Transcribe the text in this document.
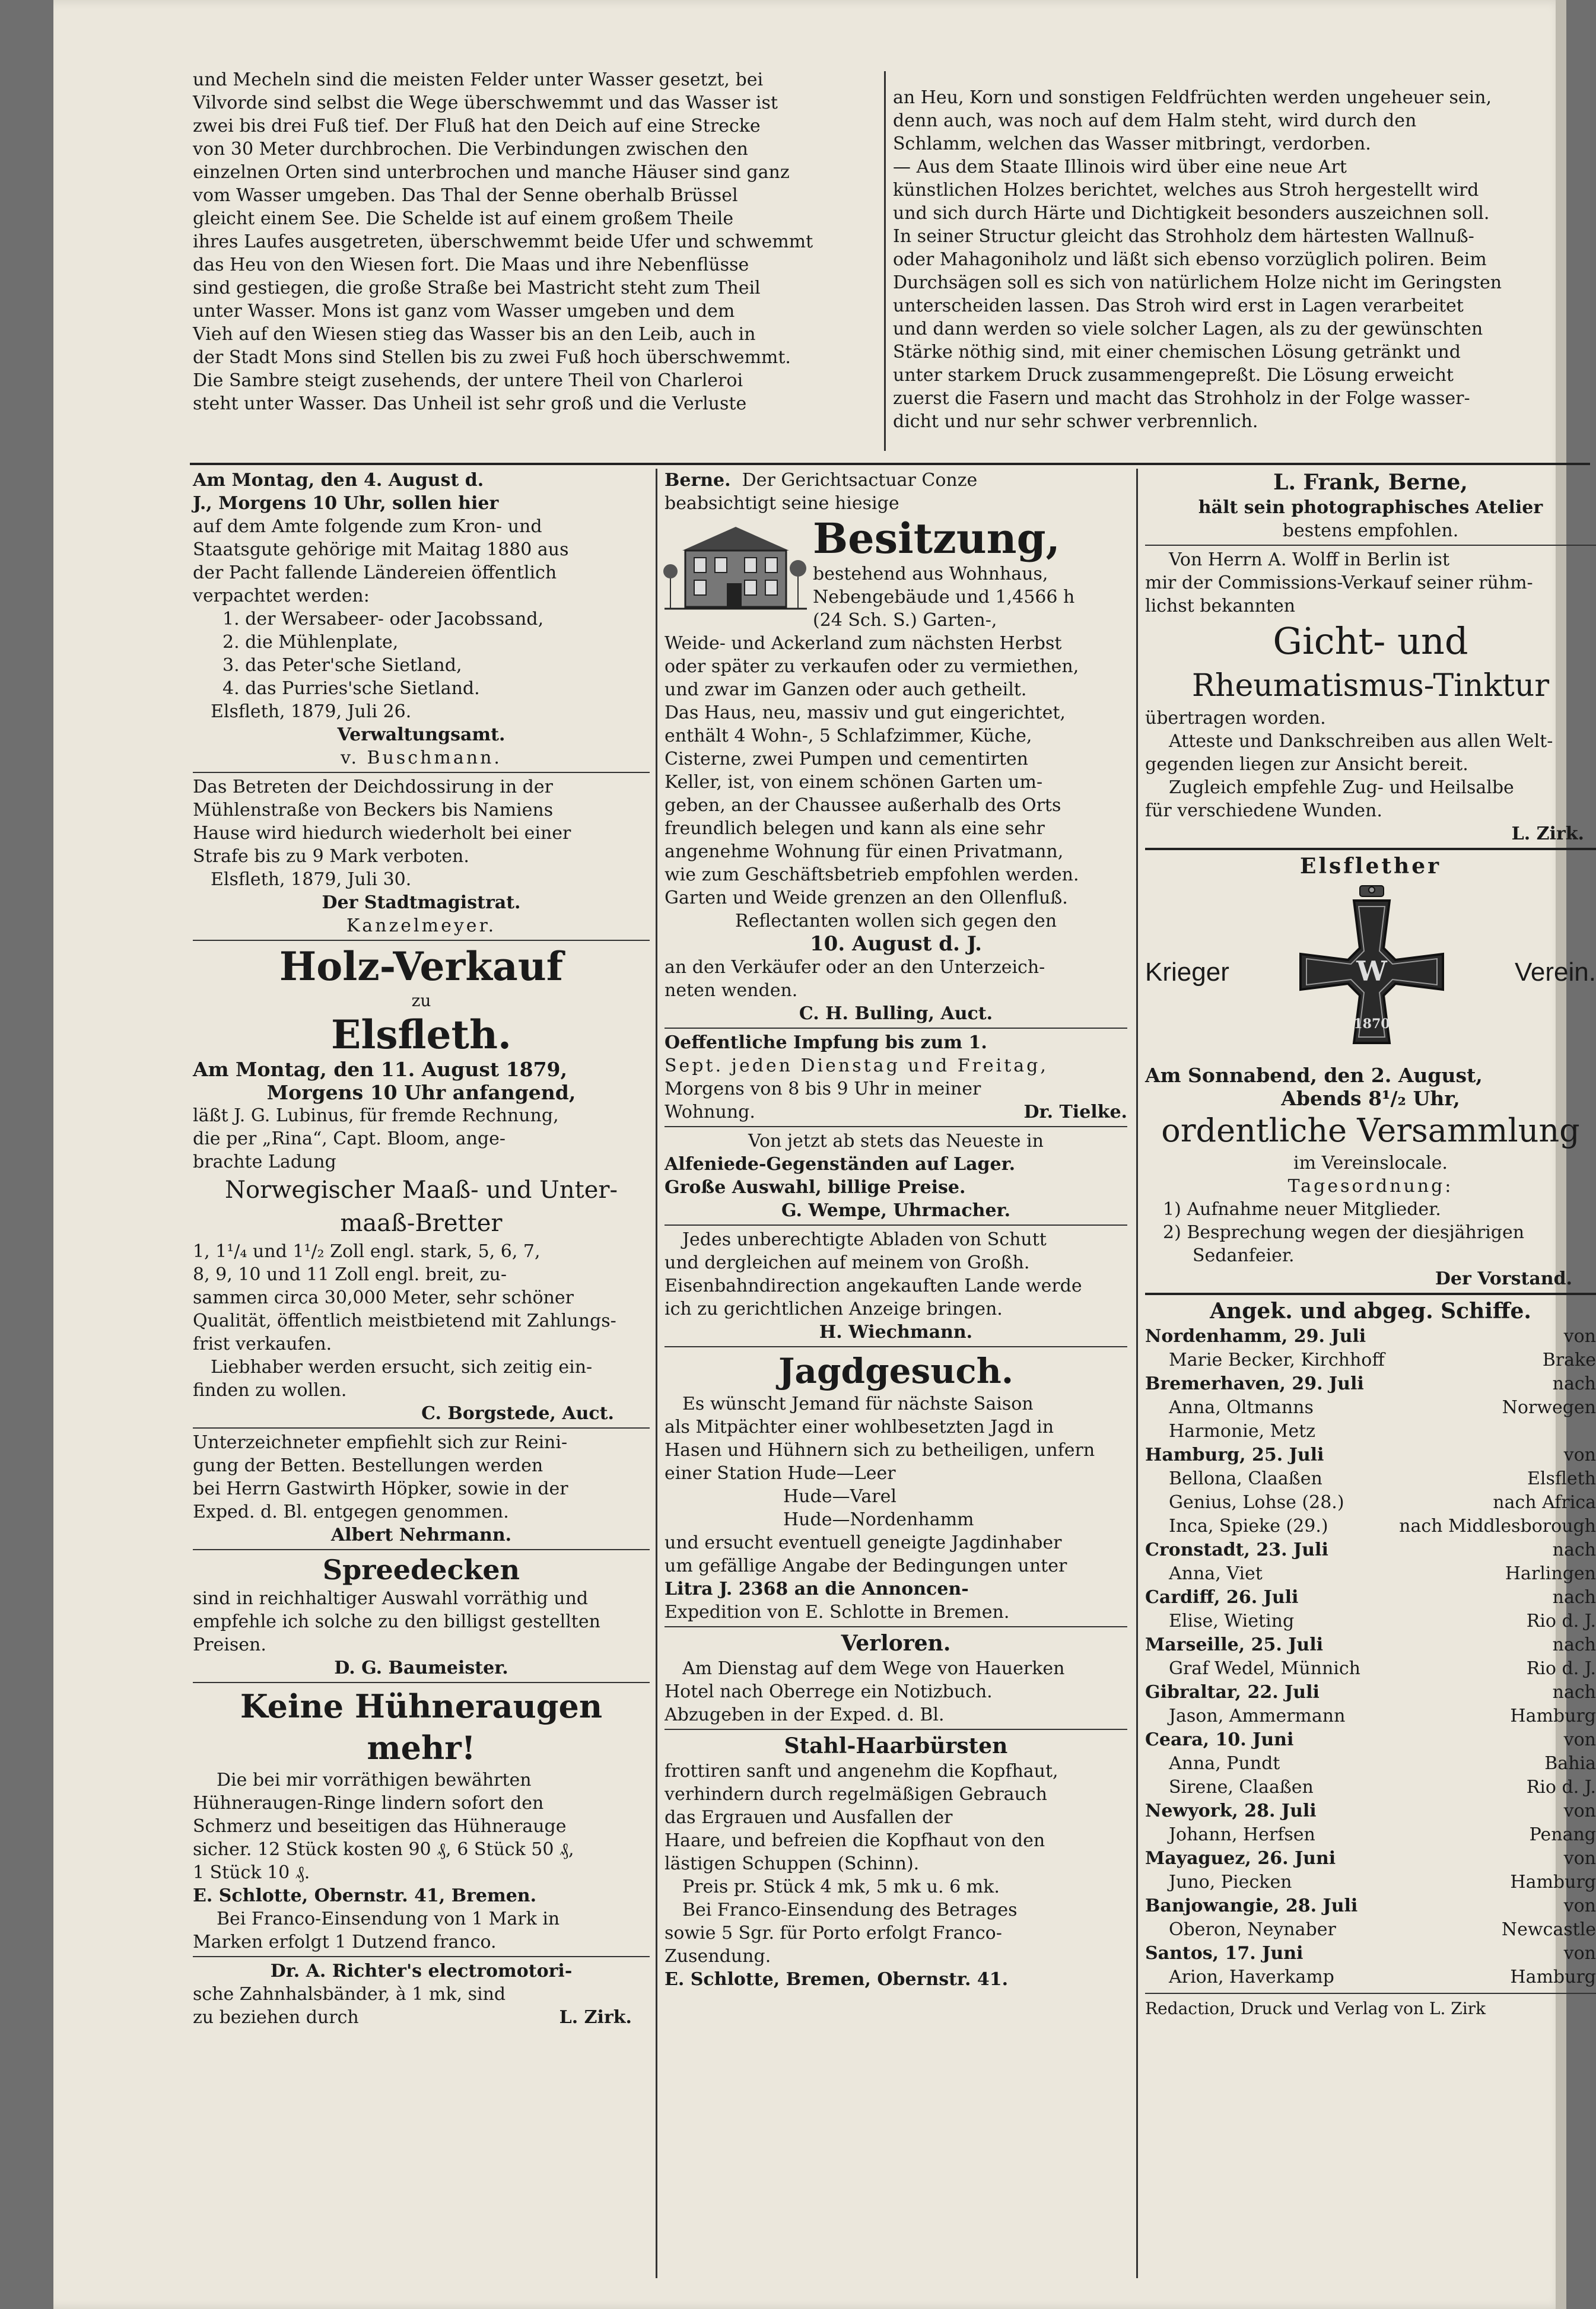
und Mecheln sind die meisten Felder unter Wasser gesetzt, bei

Vilvorde sind selbst die Wege überschwemmt und das Wasser ist

zwei bis drei Fuß tief. Der Fluß hat den Deich auf eine Strecke

von 30 Meter durchbrochen. Die Verbindungen zwischen den

einzelnen Orten sind unterbrochen und manche Häuser sind ganz

vom Wasser umgeben. Das Thal der Senne oberhalb Brüssel

gleicht einem See. Die Schelde ist auf einem großem Theile

ihres Laufes ausgetreten, überschwemmt beide Ufer und schwemmt

das Heu von den Wiesen fort. Die Maas und ihre Nebenflüsse

sind gestiegen, die große Straße bei Mastricht steht zum Theil

unter Wasser. Mons ist ganz vom Wasser umgeben und dem

Vieh auf den Wiesen stieg das Wasser bis an den Leib, auch in

der Stadt Mons sind Stellen bis zu zwei Fuß hoch überschwemmt.

Die Sambre steigt zusehends, der untere Theil von Charleroi

steht unter Wasser. Das Unheil ist sehr groß und die Verluste

an Heu, Korn und sonstigen Feldfrüchten werden ungeheuer sein,

denn auch, was noch auf dem Halm steht, wird durch den

Schlamm, welchen das Wasser mitbringt, verdorben.

— Aus dem Staate Illinois wird über eine neue Art

künstlichen Holzes berichtet, welches aus Stroh hergestellt wird

und sich durch Härte und Dichtigkeit besonders auszeichnen soll.

In seiner Structur gleicht das Strohholz dem härtesten Wallnuß-

oder Mahagoniholz und läßt sich ebenso vorzüglich poliren. Beim

Durchsägen soll es sich von natürlichem Holze nicht im Geringsten

unterscheiden lassen. Das Stroh wird erst in Lagen verarbeitet

und dann werden so viele solcher Lagen, als zu der gewünschten

Stärke nöthig sind, mit einer chemischen Lösung getränkt und

unter starkem Druck zusammengepreßt. Die Lösung erweicht

zuerst die Fasern und macht das Strohholz in der Folge wasser-

dicht und nur sehr schwer verbrennlich.

Am Montag, den 4. August d.

J., Morgens 10 Uhr, sollen hier

auf dem Amte folgende zum Kron- und

Staatsgute gehörige mit Maitag 1880 aus

der Pacht fallende Ländereien öffentlich

verpachtet werden:

1. der Wersabeer- oder Jacobssand,

2. die Mühlenplate,

3. das Peter'sche Sietland,

4. das Purries'sche Sietland.

Elsfleth, 1879, Juli 26.

Verwaltungsamt.

v. Buschmann.

Das Betreten der Deichdossirung in der

Mühlenstraße von Beckers bis Namiens

Hause wird hiedurch wiederholt bei einer

Strafe bis zu 9 Mark verboten.

Elsfleth, 1879, Juli 30.

Der Stadtmagistrat.

Kanzelmeyer.

Holz-Verkauf

zu

Elsfleth.

Am Montag, den 11. August 1879,

Morgens 10 Uhr anfangend,

läßt J. G. Lubinus, für fremde Rechnung,

die per „Rina“, Capt. Bloom, ange-

brachte Ladung

Norwegischer Maaß- und Unter-

maaß-Bretter

1, 1¹/₄ und 1¹/₂ Zoll engl. stark, 5, 6, 7,

8, 9, 10 und 11 Zoll engl. breit, zu-

sammen circa 30,000 Meter, sehr schöner

Qualität, öffentlich meistbietend mit Zahlungs-

frist verkaufen.

Liebhaber werden ersucht, sich zeitig ein-

finden zu wollen.

C. Borgstede, Auct.

Unterzeichneter empfiehlt sich zur Reini-

gung der Betten. Bestellungen werden

bei Herrn Gastwirth Höpker, sowie in der

Exped. d. Bl. entgegen genommen.

Albert Nehrmann.

Spreedecken

sind in reichhaltiger Auswahl vorräthig und

empfehle ich solche zu den billigst gestellten

Preisen.

D. G. Baumeister.

Keine Hühneraugen mehr!

Die bei mir vorräthigen bewährten

Hühneraugen-Ringe lindern sofort den

Schmerz und beseitigen das Hühnerauge

sicher. 12 Stück kosten 90 ₰, 6 Stück 50 ₰,

1 Stück 10 ₰.

E. Schlotte, Obernstr. 41, Bremen.

Bei Franco-Einsendung von 1 Mark in

Marken erfolgt 1 Dutzend franco.

Dr. A. Richter's electromotori-

sche Zahnhalsbänder, à 1 mk, sind

zu beziehen durch	L. Zirk.

Berne. Der Gerichtsactuar Conze

beabsichtigt seine hiesige

Besitzung,

bestehend aus Wohnhaus,

Nebengebäude und 1,4566 h

(24 Sch. S.) Garten-,

Weide- und Ackerland zum nächsten Herbst

oder später zu verkaufen oder zu vermiethen,

und zwar im Ganzen oder auch getheilt.

Das Haus, neu, massiv und gut eingerichtet,

enthält 4 Wohn-, 5 Schlafzimmer, Küche,

Cisterne, zwei Pumpen und cementirten

Keller, ist, von einem schönen Garten um-

geben, an der Chaussee außerhalb des Orts

freundlich belegen und kann als eine sehr

angenehme Wohnung für einen Privatmann,

wie zum Geschäftsbetrieb empfohlen werden.

Garten und Weide grenzen an den Ollenfluß.

Reflectanten wollen sich gegen den

10. August d. J.

an den Verkäufer oder an den Unterzeich-

neten wenden.

C. H. Bulling, Auct.

Oeffentliche Impfung bis zum 1.

Sept. jeden Dienstag und Freitag,

Morgens von 8 bis 9 Uhr in meiner

Wohnung.	Dr. Tielke.

Von jetzt ab stets das Neueste in

Alfeniede-Gegenständen auf Lager.

Große Auswahl, billige Preise.

G. Wempe, Uhrmacher.

Jedes unberechtigte Abladen von Schutt

und dergleichen auf meinem von Großh.

Eisenbahndirection angekauften Lande werde

ich zu gerichtlichen Anzeige bringen.

H. Wiechmann.

Jagdgesuch.

Es wünscht Jemand für nächste Saison

als Mitpächter einer wohlbesetzten Jagd in

Hasen und Hühnern sich zu betheiligen, unfern

einer Station Hude—Leer

Hude—Varel

Hude—Nordenhamm

und ersucht eventuell geneigte Jagdinhaber

um gefällige Angabe der Bedingungen unter

Litra J. 2368 an die Annoncen-

Expedition von E. Schlotte in Bremen.

Verloren.

Am Dienstag auf dem Wege von Hauerken

Hotel nach Oberrege ein Notizbuch.

Abzugeben in der Exped. d. Bl.

Stahl-Haarbürsten

frottiren sanft und angenehm die Kopfhaut,

verhindern durch regelmäßigen Gebrauch

das Ergrauen und Ausfallen der

Haare, und befreien die Kopfhaut von den

lästigen Schuppen (Schinn).

Preis pr. Stück 4 mk, 5 mk u. 6 mk.

Bei Franco-Einsendung des Betrages

sowie 5 Sgr. für Porto erfolgt Franco-

Zusendung.

E. Schlotte, Bremen, Obernstr. 41.

L. Frank, Berne,

hält sein photographisches Atelier

bestens empfohlen.

Von Herrn A. Wolff in Berlin ist

mir der Commissions-Verkauf seiner rühm-

lichst bekannten

Gicht- und

Rheumatismus-Tinktur

übertragen worden.

Atteste und Dankschreiben aus allen Welt-

gegenden liegen zur Ansicht bereit.

Zugleich empfehle Zug- und Heilsalbe

für verschiedene Wunden.

L. Zirk.

Elsflether

Krieger	W
1870
Verein.

Am Sonnabend, den 2. August,

Abends 8¹/₂ Uhr,

ordentliche Versammlung

im Vereinslocale.

Tagesordnung:

1) Aufnahme neuer Mitglieder.

2) Besprechung wegen der diesjährigen

Sedanfeier.

Der Vorstand.

Angek. und abgeg. Schiffe.

Nordenhamm, 29. Juli	von
Marie Becker, Kirchhoff	Brake
Bremerhaven, 29. Juli	nach
Anna, Oltmanns	Norwegen
Harmonie, Metz
Hamburg, 25. Juli	von
Bellona, Claaßen	Elsfleth
Genius, Lohse (28.)	nach Africa
Inca, Spieke (29.)	nach Middlesborough
Cronstadt, 23. Juli	nach
Anna, Viet	Harlingen
Cardiff, 26. Juli	nach
Elise, Wieting	Rio d. J.
Marseille, 25. Juli	nach
Graf Wedel, Münnich	Rio d. J.
Gibraltar, 22. Juli	nach
Jason, Ammermann	Hamburg
Ceara, 10. Juni	von
Anna, Pundt	Bahia
Sirene, Claaßen	Rio d. J.
Newyork, 28. Juli	von
Johann, Herfsen	Penang
Mayaguez, 26. Juni	von
Juno, Piecken	Hamburg
Banjowangie, 28. Juli	von
Oberon, Neynaber	Newcastle
Santos, 17. Juni	von
Arion, Haverkamp	Hamburg

Redaction, Druck und Verlag von L. Zirk
